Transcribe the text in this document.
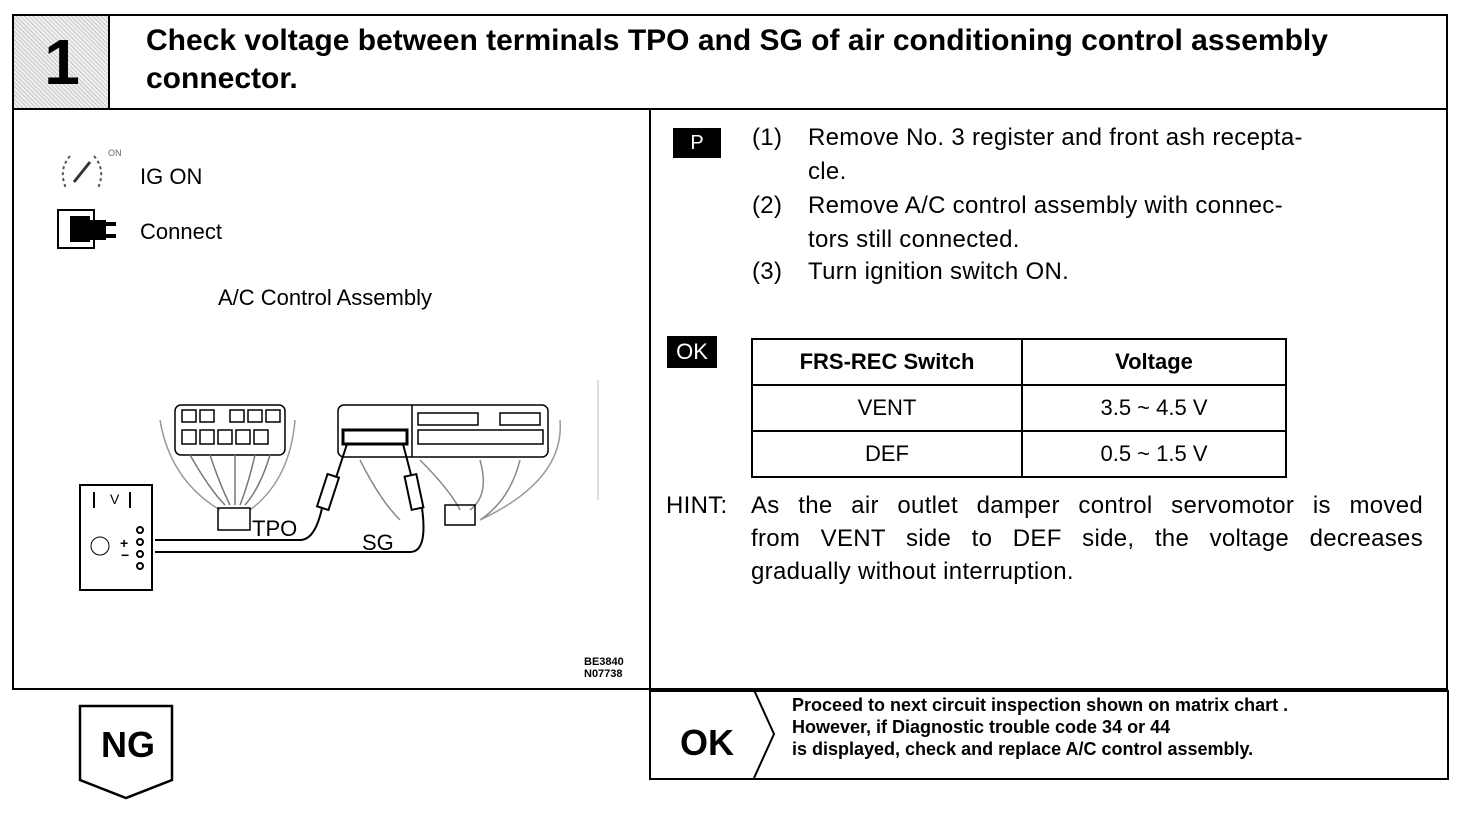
1	Check voltage between terminals TPO and SG of air conditioning control assembly connector.
ON
IG ON
Connect
A/C Control Assembly
V
+
−
TPO
SG
BE3840
N07738
P	(1) Remove No. 3 register and front ash recepta-
cle.
(2) Remove A/C control assembly with connec-
tors still connected.
(3) Turn ignition switch ON.
OK	FRS-REC Switch	Voltage
VENT	3.5 ~ 4.5 V
DEF	0.5 ~ 1.5 V
HINT: As the air outlet damper control servomotor is moved
from VENT side to DEF side, the voltage decreases
gradually without interruption.
NG	OK
Proceed to next circuit inspection shown on matrix chart .
However, if Diagnostic trouble code 34 or 44
is displayed, check and replace A/C control assembly.
